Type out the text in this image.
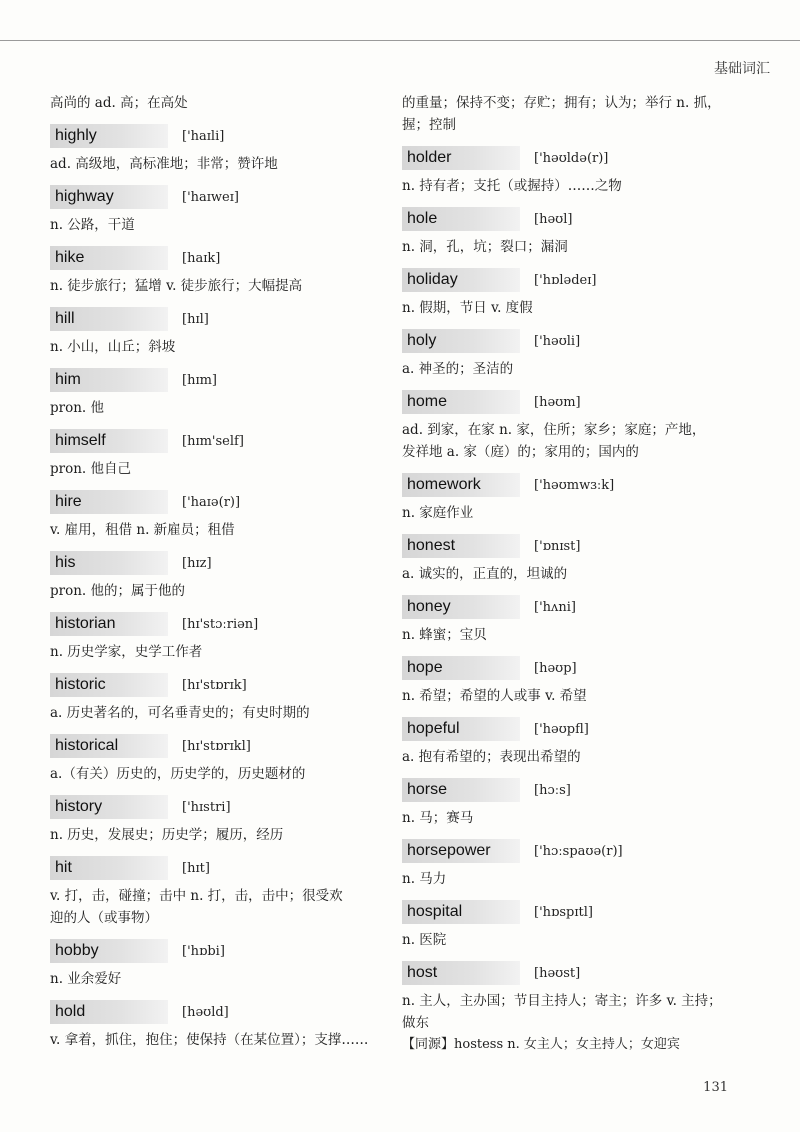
基础词汇
高尚的 ad. 高；在高处
highly	['haɪli]
ad. 高级地，高标准地；非常；赞许地
highway	['haɪweɪ]
n. 公路，干道
hike	[haɪk]
n. 徒步旅行；猛增 v. 徒步旅行；大幅提高
hill	[hɪl]
n. 小山，山丘；斜坡
him	[hɪm]
pron. 他
himself	[hɪm'self]
pron. 他自己
hire	['haɪə(r)]
v. 雇用，租借 n. 新雇员；租借
his	[hɪz]
pron. 他的；属于他的
historian	[hɪ'stɔːriən]
n. 历史学家，史学工作者
historic	[hɪ'stɒrɪk]
a. 历史著名的，可名垂青史的；有史时期的
historical	[hɪ'stɒrɪkl]
a.（有关）历史的，历史学的，历史题材的
history	['hɪstri]
n. 历史，发展史；历史学；履历，经历
hit	[hɪt]
v. 打，击，碰撞；击中 n. 打，击，击中；很受欢
迎的人（或事物）
hobby	['hɒbi]
n. 业余爱好
hold	[həʊld]
v. 拿着，抓住，抱住；使保持（在某位置）；支撑……
的重量；保持不变；存贮；拥有；认为；举行 n. 抓，
握；控制
holder	['həʊldə(r)]
n. 持有者；支托（或握持）……之物
hole	[həʊl]
n. 洞，孔，坑；裂口；漏洞
holiday	['hɒlədeɪ]
n. 假期，节日 v. 度假
holy	['həʊli]
a. 神圣的；圣洁的
home	[həʊm]
ad. 到家，在家 n. 家，住所；家乡；家庭；产地，
发祥地 a. 家（庭）的；家用的；国内的
homework	['həʊmwɜːk]
n. 家庭作业
honest	['ɒnɪst]
a. 诚实的，正直的，坦诚的
honey	['hʌni]
n. 蜂蜜；宝贝
hope	[həʊp]
n. 希望；希望的人或事 v. 希望
hopeful	['həʊpfl]
a. 抱有希望的；表现出希望的
horse	[hɔːs]
n. 马；赛马
horsepower	['hɔːspaʊə(r)]
n. 马力
hospital	['hɒspɪtl]
n. 医院
host	[həʊst]
n. 主人，主办国；节目主持人；寄主；许多 v. 主持；
做东
【同源】hostess n. 女主人；女主持人；女迎宾
131
